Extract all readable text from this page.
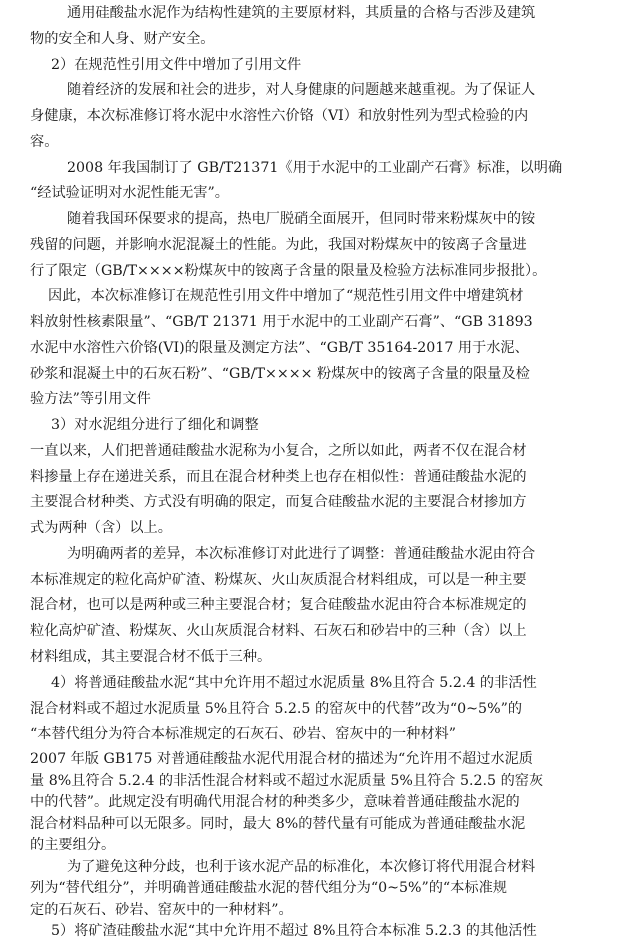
通用硅酸盐水泥作为结构性建筑的主要原材料，其质量的合格与否涉及建筑
物的安全和人身、财产安全。
2）在规范性引用文件中增加了引用文件
随着经济的发展和社会的进步，对人身健康的问题越来越重视。为了保证人
身健康，本次标准修订将水泥中水溶性六价铬（VI）和放射性列为型式检验的内
容。
2008 年我国制订了 GB/T21371《用于水泥中的工业副产石膏》标准，以明确
“经试验证明对水泥性能无害”。
随着我国环保要求的提高，热电厂脱硝全面展开，但同时带来粉煤灰中的铵
残留的问题，并影响水泥混凝土的性能。为此，我国对粉煤灰中的铵离子含量进
行了限定（GB/T××××粉煤灰中的铵离子含量的限量及检验方法标准同步报批）。
因此，本次标准修订在规范性引用文件中增加了“规范性引用文件中增建筑材
料放射性核素限量”、“GB/T 21371 用于水泥中的工业副产石膏”、“GB 31893
水泥中水溶性六价铬(VI)的限量及测定方法”、“GB/T 35164-2017 用于水泥、
砂浆和混凝土中的石灰石粉”、“GB/T×××× 粉煤灰中的铵离子含量的限量及检
验方法”等引用文件
3）对水泥组分进行了细化和调整
一直以来，人们把普通硅酸盐水泥称为小复合，之所以如此，两者不仅在混合材
料掺量上存在递进关系，而且在混合材种类上也存在相似性：普通硅酸盐水泥的
主要混合材种类、方式没有明确的限定，而复合硅酸盐水泥的主要混合材掺加方
式为两种（含）以上。
为明确两者的差异，本次标准修订对此进行了调整：普通硅酸盐水泥由符合
本标准规定的粒化高炉矿渣、粉煤灰、火山灰质混合材料组成，可以是一种主要
混合材，也可以是两种或三种主要混合材；复合硅酸盐水泥由符合本标准规定的
粒化高炉矿渣、粉煤灰、火山灰质混合材料、石灰石和砂岩中的三种（含）以上
材料组成，其主要混合材不低于三种。
4）将普通硅酸盐水泥“其中允许用不超过水泥质量 8%且符合 5.2.4 的非活性
混合材料或不超过水泥质量 5%且符合 5.2.5 的窑灰中的代替”改为“0~5%”的
“本替代组分为符合本标准规定的石灰石、砂岩、窑灰中的一种材料”
2007 年版 GB175 对普通硅酸盐水泥代用混合材的描述为“允许用不超过水泥质
量 8%且符合 5.2.4 的非活性混合材料或不超过水泥质量 5%且符合 5.2.5 的窑灰
中的代替”。此规定没有明确代用混合材的种类多少，意味着普通硅酸盐水泥的
混合材料品种可以无限多。同时，最大 8%的替代量有可能成为普通硅酸盐水泥
的主要组分。
为了避免这种分歧，也利于该水泥产品的标准化，本次修订将代用混合材料
列为“替代组分”，并明确普通硅酸盐水泥的替代组分为“0~5%”的“本标准规
定的石灰石、砂岩、窑灰中的一种材料”。
5）将矿渣硅酸盐水泥“其中允许用不超过 8%且符合本标准 5.2.3 的其他活性
